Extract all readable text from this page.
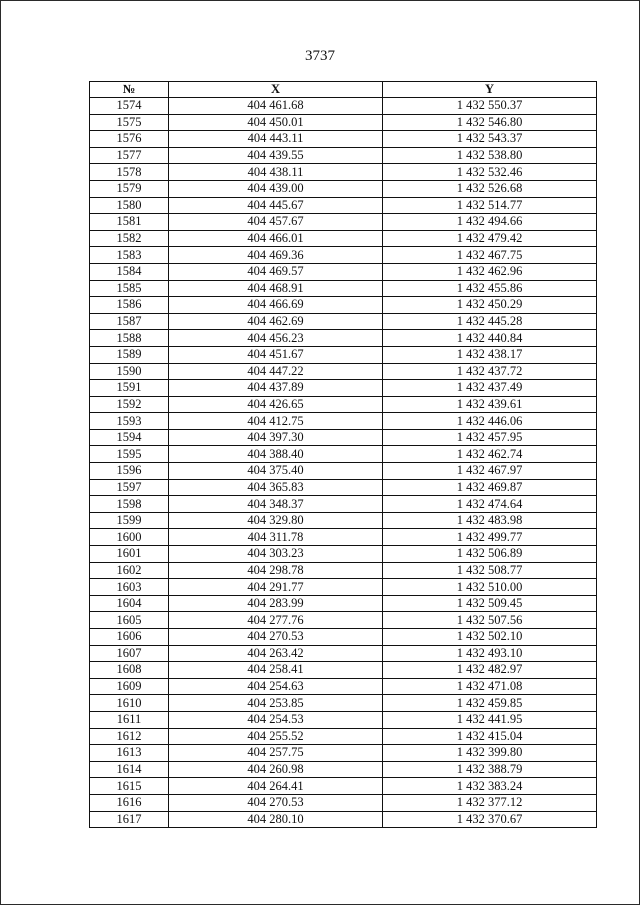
3737
№	X	Y
1574	404 461.68	1 432 550.37
1575	404 450.01	1 432 546.80
1576	404 443.11	1 432 543.37
1577	404 439.55	1 432 538.80
1578	404 438.11	1 432 532.46
1579	404 439.00	1 432 526.68
1580	404 445.67	1 432 514.77
1581	404 457.67	1 432 494.66
1582	404 466.01	1 432 479.42
1583	404 469.36	1 432 467.75
1584	404 469.57	1 432 462.96
1585	404 468.91	1 432 455.86
1586	404 466.69	1 432 450.29
1587	404 462.69	1 432 445.28
1588	404 456.23	1 432 440.84
1589	404 451.67	1 432 438.17
1590	404 447.22	1 432 437.72
1591	404 437.89	1 432 437.49
1592	404 426.65	1 432 439.61
1593	404 412.75	1 432 446.06
1594	404 397.30	1 432 457.95
1595	404 388.40	1 432 462.74
1596	404 375.40	1 432 467.97
1597	404 365.83	1 432 469.87
1598	404 348.37	1 432 474.64
1599	404 329.80	1 432 483.98
1600	404 311.78	1 432 499.77
1601	404 303.23	1 432 506.89
1602	404 298.78	1 432 508.77
1603	404 291.77	1 432 510.00
1604	404 283.99	1 432 509.45
1605	404 277.76	1 432 507.56
1606	404 270.53	1 432 502.10
1607	404 263.42	1 432 493.10
1608	404 258.41	1 432 482.97
1609	404 254.63	1 432 471.08
1610	404 253.85	1 432 459.85
1611	404 254.53	1 432 441.95
1612	404 255.52	1 432 415.04
1613	404 257.75	1 432 399.80
1614	404 260.98	1 432 388.79
1615	404 264.41	1 432 383.24
1616	404 270.53	1 432 377.12
1617	404 280.10	1 432 370.67
